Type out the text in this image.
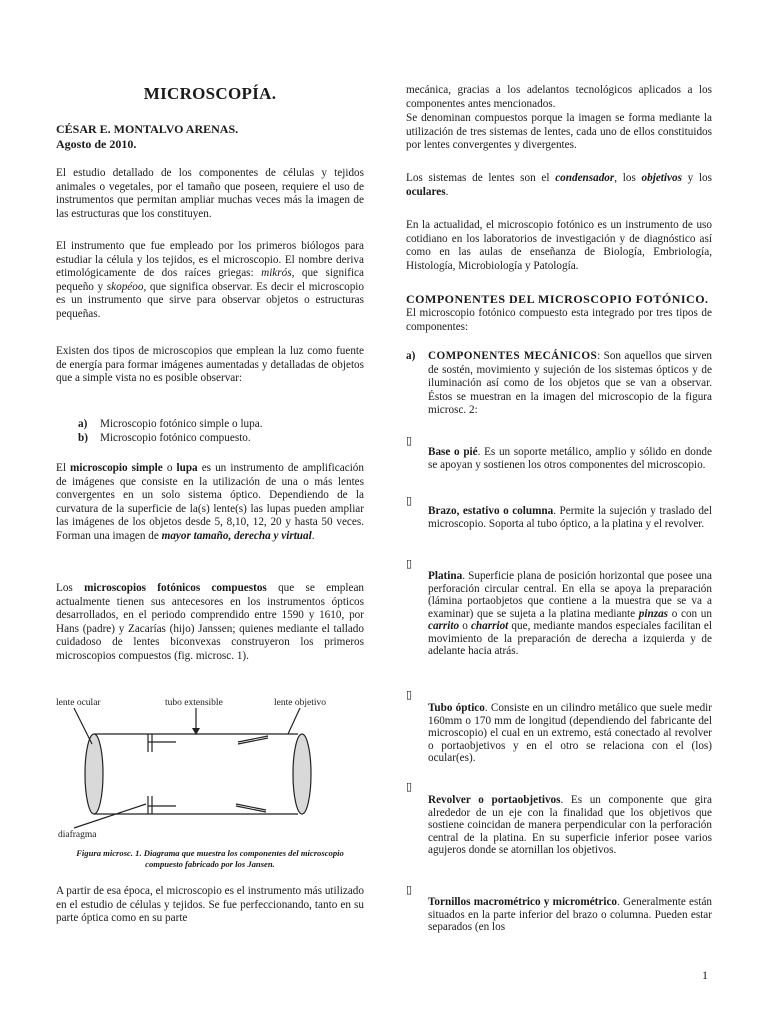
MICROSCOPÍA.
CÉSAR E. MONTALVO ARENAS.
Agosto de 2010.

El estudio detallado de los componentes de células y tejidos animales o vegetales, por el tamaño que poseen, requiere el uso de instrumentos que permitan ampliar muchas veces más la imagen de las estructuras que los constituyen.

El instrumento que fue empleado por los primeros biólogos para estudiar la célula y los tejidos, es el microscopio. El nombre deriva etimológicamente de dos raíces griegas: mikrós, que significa pequeño y skopéoo, que significa observar. Es decir el microscopio es un instrumento que sirve para observar objetos o estructuras pequeñas.

Existen dos tipos de microscopios que emplean la luz como fuente de energía para formar imágenes aumentadas y detalladas de objetos que a simple vista no es posible observar:

a) Microscopio fotónico simple o lupa.
b) Microscopio fotónico compuesto.

El microscopio simple o lupa es un instrumento de amplificación de imágenes que consiste en la utilización de una o más lentes convergentes en un solo sistema óptico. Dependiendo de la curvatura de la superficie de la(s) lente(s) las lupas pueden ampliar las imágenes de los objetos desde 5, 8,10, 12, 20 y hasta 50 veces. Forman una imagen de mayor tamaño, derecha y virtual.

Los microscopios fotónicos compuestos que se emplean actualmente tienen sus antecesores en los instrumentos ópticos desarrollados, en el periodo comprendido entre 1590 y 1610, por Hans (padre) y Zacarías (hijo) Janssen; quienes mediante el tallado cuidadoso de lentes biconvexas construyeron los primeros microscopios compuestos (fig. microsc. 1).

lente ocular	tubo extensible	lente objetivo
diafragma
Figura microsc. 1. Diagrama que muestra los componentes del microscopio compuesto fabricado por los Jansen.

A partir de esa época, el microscopio es el instrumento más utilizado en el estudio de células y tejidos. Se fue perfeccionando, tanto en su parte óptica como en su parte

mecánica, gracias a los adelantos tecnológicos aplicados a los componentes antes mencionados.

Se denominan compuestos porque la imagen se forma mediante la utilización de tres sistemas de lentes, cada uno de ellos constituidos por lentes convergentes y divergentes.

Los sistemas de lentes son el condensador, los objetivos y los oculares.

En la actualidad, el microscopio fotónico es un instrumento de uso cotidiano en los laboratorios de investigación y de diagnóstico así como en las aulas de enseñanza de Biología, Embriología, Histología, Microbiología y Patología.

COMPONENTES DEL MICROSCOPIO FOTÓNICO.

El microscopio fotónico compuesto esta integrado por tres tipos de componentes:

a) COMPONENTES MECÁNICOS: Son aquellos que sirven de sostén, movimiento y sujeción de los sistemas ópticos y de iluminación así como de los objetos que se van a observar. Éstos se muestran en la imagen del microscopio de la figura microsc. 2:
▯

Base o pié. Es un soporte metálico, amplio y sólido en donde se apoyan y sostienen los otros componentes del microscopio.

▯

Brazo, estativo o columna. Permite la sujeción y traslado del microscopio. Soporta al tubo óptico, a la platina y el revolver.

▯

Platina. Superficie plana de posición horizontal que posee una perforación circular central. En ella se apoya la preparación (lámina portaobjetos que contiene a la muestra que se va a examinar) que se sujeta a la platina mediante pinzas o con un carrito o charriot que, mediante mandos especiales facilitan el movimiento de la preparación de derecha a izquierda y de adelante hacia atrás.

▯

Tubo óptico. Consiste en un cilindro metálico que suele medir 160mm o 170 mm de longitud (dependiendo del fabricante del microscopio) el cual en un extremo, está conectado al revolver o portaobjetivos y en el otro se relaciona con el (los) ocular(es).

▯

Revolver o portaobjetivos. Es un componente que gira alrededor de un eje con la finalidad que los objetivos que sostiene coincidan de manera perpendicular con la perforación central de la platina. En su superficie inferior posee varios agujeros donde se atornillan los objetivos.

▯

Tornillos macrométrico y micrométrico. Generalmente están situados en la parte inferior del brazo o columna. Pueden estar separados (en los

1
